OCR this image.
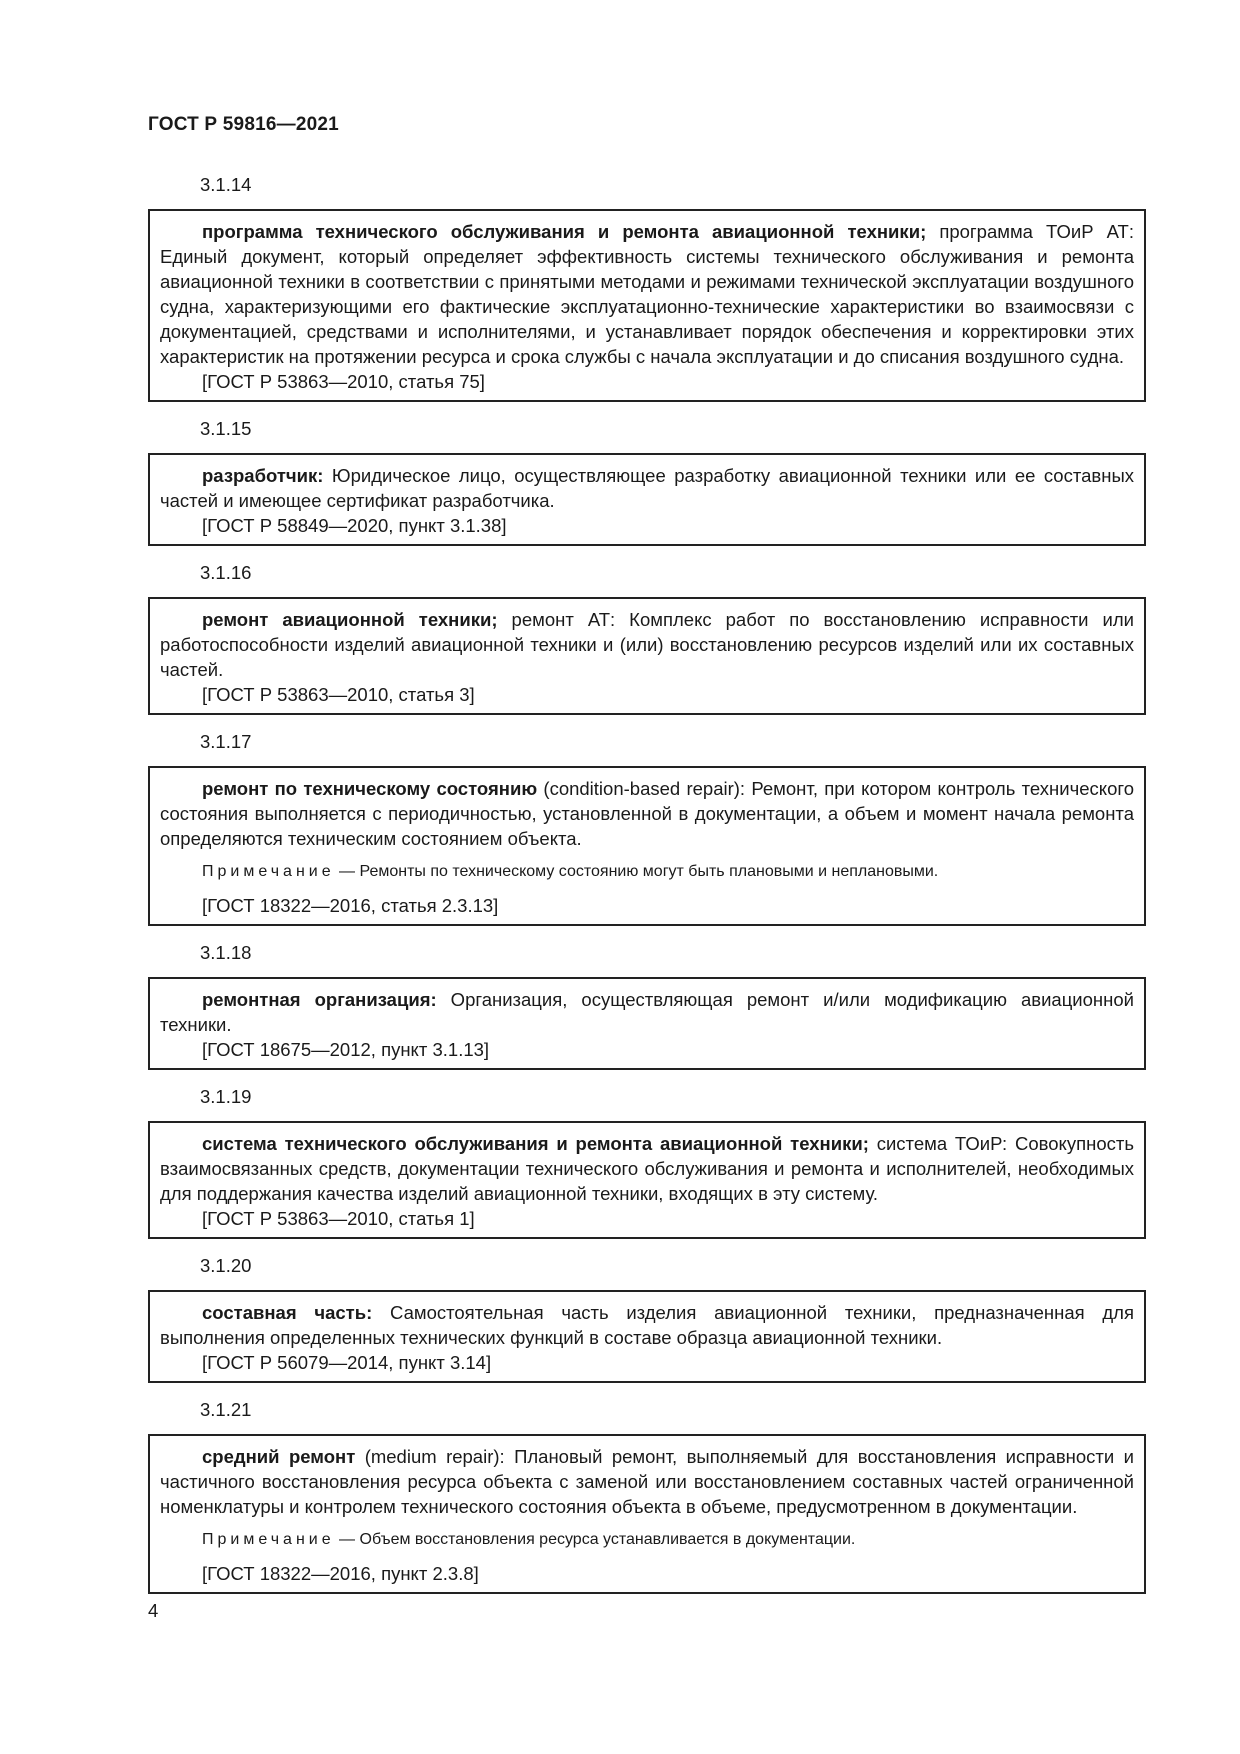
ГОСТ Р 59816—2021
3.1.14

программа технического обслуживания и ремонта авиационной техники; программа ТОиР АТ: Единый документ, который определяет эффективность системы технического обслуживания и ремонта авиационной техники в соответствии с принятыми методами и режимами технической эксплуатации воздушного судна, характеризующими его фактические эксплуатационно-технические характеристики во взаимосвязи с документацией, средствами и исполнителями, и устанавливает порядок обеспечения и корректировки этих характеристик на протяжении ресурса и срока службы с начала эксплуатации и до списания воздушного судна.

[ГОСТ Р 53863—2010, статья 75]

3.1.15

разработчик: Юридическое лицо, осуществляющее разработку авиационной техники или ее составных частей и имеющее сертификат разработчика.

[ГОСТ Р 58849—2020, пункт 3.1.38]

3.1.16

ремонт авиационной техники; ремонт АТ: Комплекс работ по восстановлению исправности или работоспособности изделий авиационной техники и (или) восстановлению ресурсов изделий или их составных частей.

[ГОСТ Р 53863—2010, статья 3]

3.1.17

ремонт по техническому состоянию (condition-based repair): Ремонт, при котором контроль технического состояния выполняется с периодичностью, установленной в документации, а объем и момент начала ремонта определяются техническим состоянием объекта.

Примечание — Ремонты по техническому состоянию могут быть плановыми и неплановыми.

[ГОСТ 18322—2016, статья 2.3.13]

3.1.18

ремонтная организация: Организация, осуществляющая ремонт и/или модификацию авиационной техники.

[ГОСТ 18675—2012, пункт 3.1.13]

3.1.19

система технического обслуживания и ремонта авиационной техники; система ТОиР: Совокупность взаимосвязанных средств, документации технического обслуживания и ремонта и исполнителей, необходимых для поддержания качества изделий авиационной техники, входящих в эту систему.

[ГОСТ Р 53863—2010, статья 1]

3.1.20

составная часть: Самостоятельная часть изделия авиационной техники, предназначенная для выполнения определенных технических функций в составе образца авиационной техники.

[ГОСТ Р 56079—2014, пункт 3.14]

3.1.21

средний ремонт (medium repair): Плановый ремонт, выполняемый для восстановления исправности и частичного восстановления ресурса объекта с заменой или восстановлением составных частей ограниченной номенклатуры и контролем технического состояния объекта в объеме, предусмотренном в документации.

Примечание — Объем восстановления ресурса устанавливается в документации.

[ГОСТ 18322—2016, пункт 2.3.8]

4
